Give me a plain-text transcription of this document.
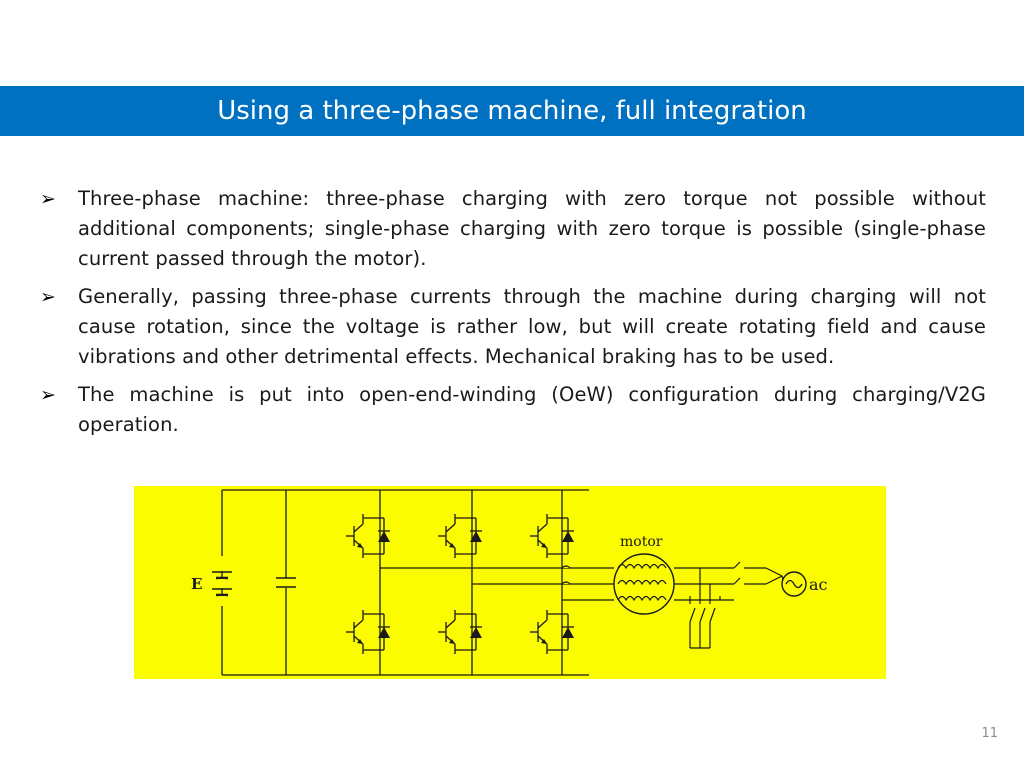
Using a three-phase machine, full integration
➢	Three-phase machine: three-phase charging with zero torque not possible without additional components; single-phase charging with zero torque is possible (single-phase current passed through the motor).
➢	Generally, passing three-phase currents through the machine during charging will not cause rotation, since the voltage is rather low, but will create rotating field and cause vibrations and other detrimental effects. Mechanical braking has to be used.
➢	The machine is put into open-end-winding (OeW) configuration during charging/V2G operation.
E
motor
ac
11
